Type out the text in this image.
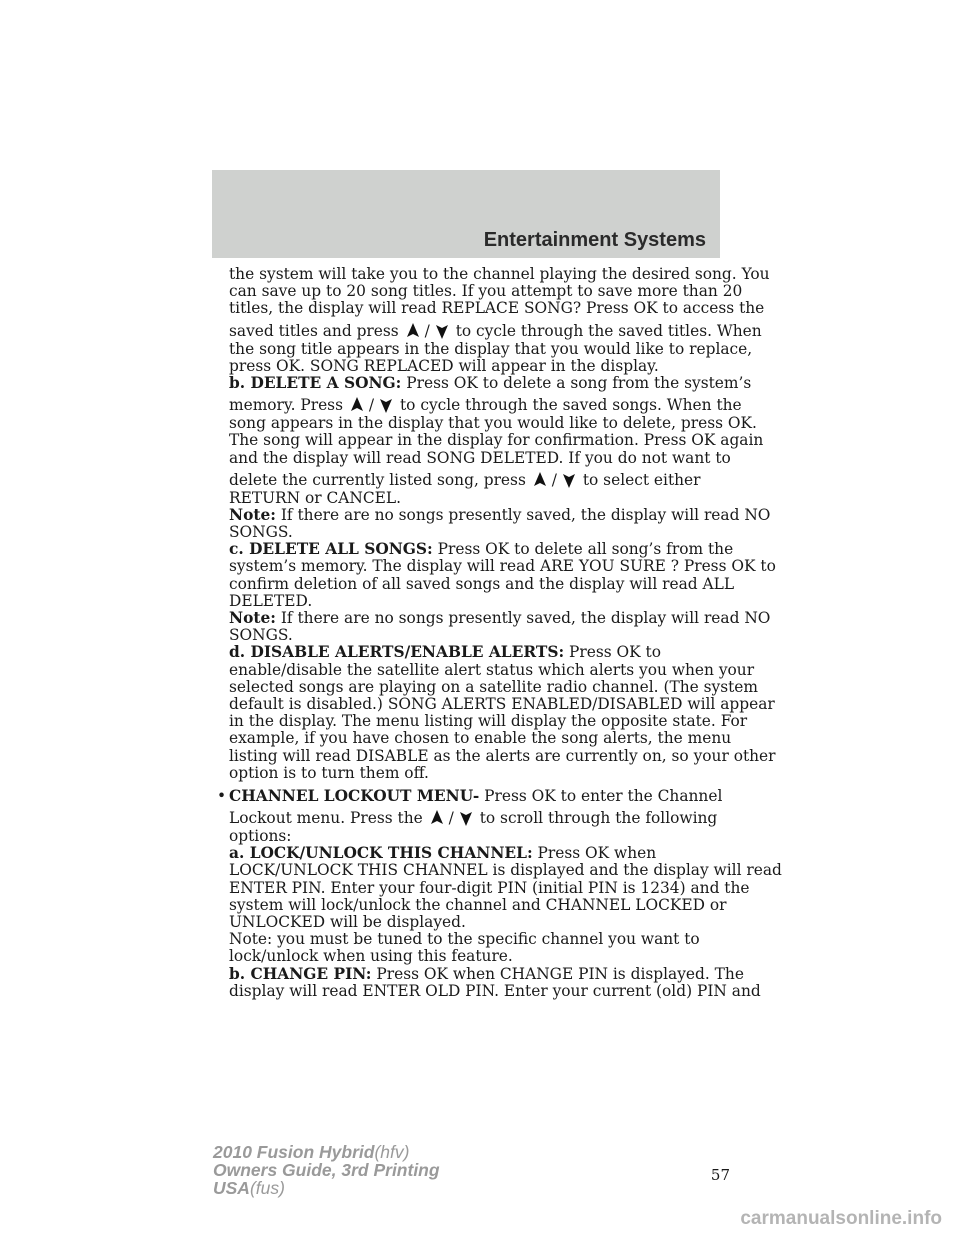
Entertainment Systems
the system will take you to the channel playing the desired song. You
can save up to 20 song titles. If you attempt to save more than 20
titles, the display will read REPLACE SONG? Press OK to access the
saved titles and press / to cycle through the saved titles. When
the song title appears in the display that you would like to replace,
press OK. SONG REPLACED will appear in the display.
b. DELETE A SONG: Press OK to delete a song from the system’s
memory. Press / to cycle through the saved songs. When the
song appears in the display that you would like to delete, press OK.
The song will appear in the display for confirmation. Press OK again
and the display will read SONG DELETED. If you do not want to
delete the currently listed song, press / to select either
RETURN or CANCEL.
Note: If there are no songs presently saved, the display will read NO
SONGS.
c. DELETE ALL SONGS: Press OK to delete all song’s from the
system’s memory. The display will read ARE YOU SURE ? Press OK to
confirm deletion of all saved songs and the display will read ALL
DELETED.
Note: If there are no songs presently saved, the display will read NO
SONGS.
d. DISABLE ALERTS/ENABLE ALERTS: Press OK to
enable/disable the satellite alert status which alerts you when your
selected songs are playing on a satellite radio channel. (The system
default is disabled.) SONG ALERTS ENABLED/DISABLED will appear
in the display. The menu listing will display the opposite state. For
example, if you have chosen to enable the song alerts, the menu
listing will read DISABLE as the alerts are currently on, so your other
option is to turn them off.
• CHANNEL LOCKOUT MENU- Press OK to enter the Channel
Lockout menu. Press the / to scroll through the following
options:
a. LOCK/UNLOCK THIS CHANNEL: Press OK when
LOCK/UNLOCK THIS CHANNEL is displayed and the display will read
ENTER PIN. Enter your four-digit PIN (initial PIN is 1234) and the
system will lock/unlock the channel and CHANNEL LOCKED or
UNLOCKED will be displayed.
Note: you must be tuned to the specific channel you want to
lock/unlock when using this feature.
b. CHANGE PIN: Press OK when CHANGE PIN is displayed. The
display will read ENTER OLD PIN. Enter your current (old) PIN and
57
2010 Fusion Hybrid(hfv)
Owners Guide, 3rd Printing
USA(fus)
carmanualsonline.info
